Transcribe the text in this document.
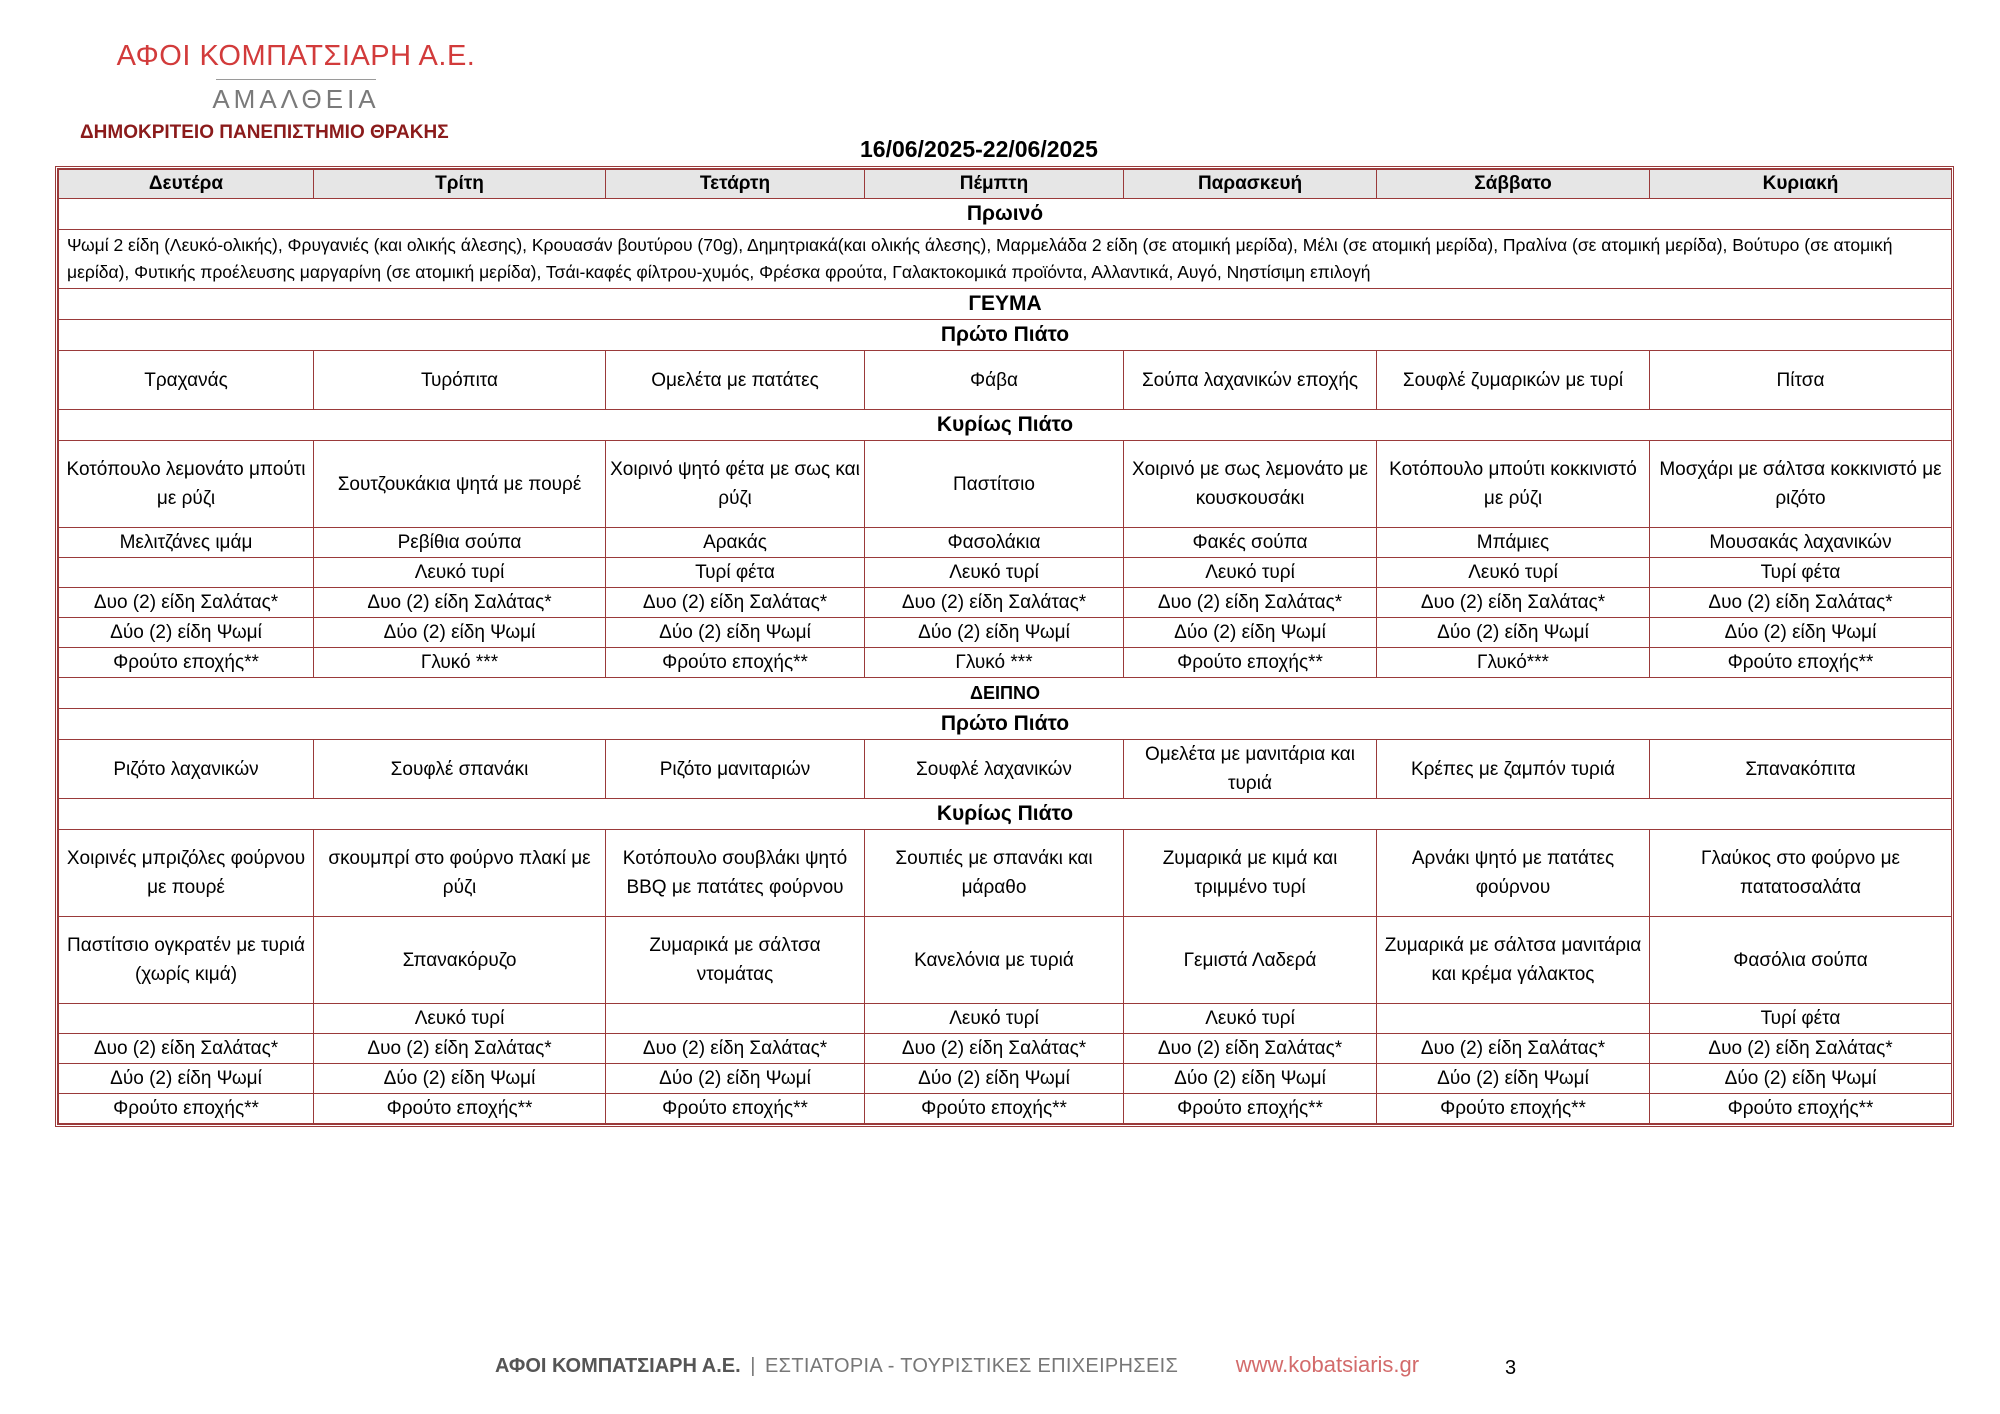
ΑΦΟΙ ΚΟΜΠΑΤΣΙΑΡΗ Α.Ε.
ΑΜΑΛΘΕΙΑ
ΔΗΜΟΚΡΙΤΕΙΟ ΠΑΝΕΠΙΣΤΗΜΙΟ ΘΡΑΚΗΣ
16/06/2025-22/06/2025
Δευτέρα	Τρίτη	Τετάρτη	Πέμπτη	Παρασκευή	Σάββατο	Κυριακή
Πρωινό						
Ψωμί 2 είδη (Λευκό-ολικής), Φρυγανιές (και ολικής άλεσης), Κρουασάν βουτύρου (70g), Δημητριακά(και ολικής άλεσης), Μαρμελάδα 2 είδη (σε ατομική μερίδα), Μέλι (σε ατομική μερίδα), Πραλίνα (σε ατομική μερίδα), Βούτυρο (σε ατομική μερίδα), Φυτικής προέλευσης μαργαρίνη (σε ατομική μερίδα), Τσάι-καφές φίλτρου-χυμός, Φρέσκα φρούτα, Γαλακτοκομικά προϊόντα, Αλλαντικά, Αυγό, Νηστίσιμη επιλογή						
ΓΕΥΜΑ						
Πρώτο Πιάτο						
Τραχανάς	Τυρόπιτα	Ομελέτα με πατάτες	Φάβα	Σούπα λαχανικών εποχής	Σουφλέ ζυμαρικών με τυρί	Πίτσα
Κυρίως Πιάτο						
Κοτόπουλο λεμονάτο μπούτι με ρύζι	Σουτζουκάκια ψητά με πουρέ	Χοιρινό ψητό φέτα με σως και ρύζι	Παστίτσιο	Χοιρινό με σως λεμονάτο με κουσκουσάκι	Κοτόπουλο μπούτι κοκκινιστό με ρύζι	Μοσχάρι με σάλτσα κοκκινιστό με ριζότο
Μελιτζάνες ιμάμ	Ρεβίθια σούπα	Αρακάς	Φασολάκια	Φακές σούπα	Μπάμιες	Μουσακάς λαχανικών
	Λευκό τυρί	Τυρί φέτα	Λευκό τυρί	Λευκό τυρί	Λευκό τυρί	Τυρί φέτα
Δυο (2) είδη Σαλάτας*	Δυο (2) είδη Σαλάτας*	Δυο (2) είδη Σαλάτας*	Δυο (2) είδη Σαλάτας*	Δυο (2) είδη Σαλάτας*	Δυο (2) είδη Σαλάτας*	Δυο (2) είδη Σαλάτας*
Δύο (2) είδη Ψωμί	Δύο (2) είδη Ψωμί	Δύο (2) είδη Ψωμί	Δύο (2) είδη Ψωμί	Δύο (2) είδη Ψωμί	Δύο (2) είδη Ψωμί	Δύο (2) είδη Ψωμί
Φρούτο εποχής**	Γλυκό ***	Φρούτο εποχής**	Γλυκό ***	Φρούτο εποχής**	Γλυκό***	Φρούτο εποχής**
ΔΕΙΠΝΟ						
Πρώτο Πιάτο						
Ριζότο λαχανικών	Σουφλέ σπανάκι	Ριζότο μανιταριών	Σουφλέ λαχανικών	Ομελέτα με μανιτάρια και τυριά	Κρέπες με ζαμπόν τυριά	Σπανακόπιτα
Κυρίως Πιάτο						
Χοιρινές μπριζόλες φούρνου με πουρέ	σκουμπρί στο φούρνο πλακί με ρύζι	Κοτόπουλο σουβλάκι ψητό BBQ με πατάτες φούρνου	Σουπιές με σπανάκι και μάραθο	Ζυμαρικά με κιμά και τριμμένο τυρί	Αρνάκι ψητό με πατάτες φούρνου	Γλαύκος στο φούρνο με πατατοσαλάτα
Παστίτσιο ογκρατέν με τυριά (χωρίς κιμά)	Σπανακόρυζο	Ζυμαρικά με σάλτσα ντομάτας	Κανελόνια με τυριά	Γεμιστά Λαδερά	Ζυμαρικά με σάλτσα μανιτάρια και κρέμα γάλακτος	Φασόλια σούπα
	Λευκό τυρί		Λευκό τυρί	Λευκό τυρί		Τυρί φέτα
Δυο (2) είδη Σαλάτας*	Δυο (2) είδη Σαλάτας*	Δυο (2) είδη Σαλάτας*	Δυο (2) είδη Σαλάτας*	Δυο (2) είδη Σαλάτας*	Δυο (2) είδη Σαλάτας*	Δυο (2) είδη Σαλάτας*
Δύο (2) είδη Ψωμί	Δύο (2) είδη Ψωμί	Δύο (2) είδη Ψωμί	Δύο (2) είδη Ψωμί	Δύο (2) είδη Ψωμί	Δύο (2) είδη Ψωμί	Δύο (2) είδη Ψωμί
Φρούτο εποχής**	Φρούτο εποχής**	Φρούτο εποχής**	Φρούτο εποχής**	Φρούτο εποχής**	Φρούτο εποχής**	Φρούτο εποχής**
ΑΦΟΙ ΚΟΜΠΑΤΣΙΑΡΗ Α.Ε. | ΕΣΤΙΑΤΟΡΙΑ - ΤΟΥΡΙΣΤΙΚΕΣ ΕΠΙΧΕΙΡΗΣΕΙΣ	www.kobatsiaris.gr	3
